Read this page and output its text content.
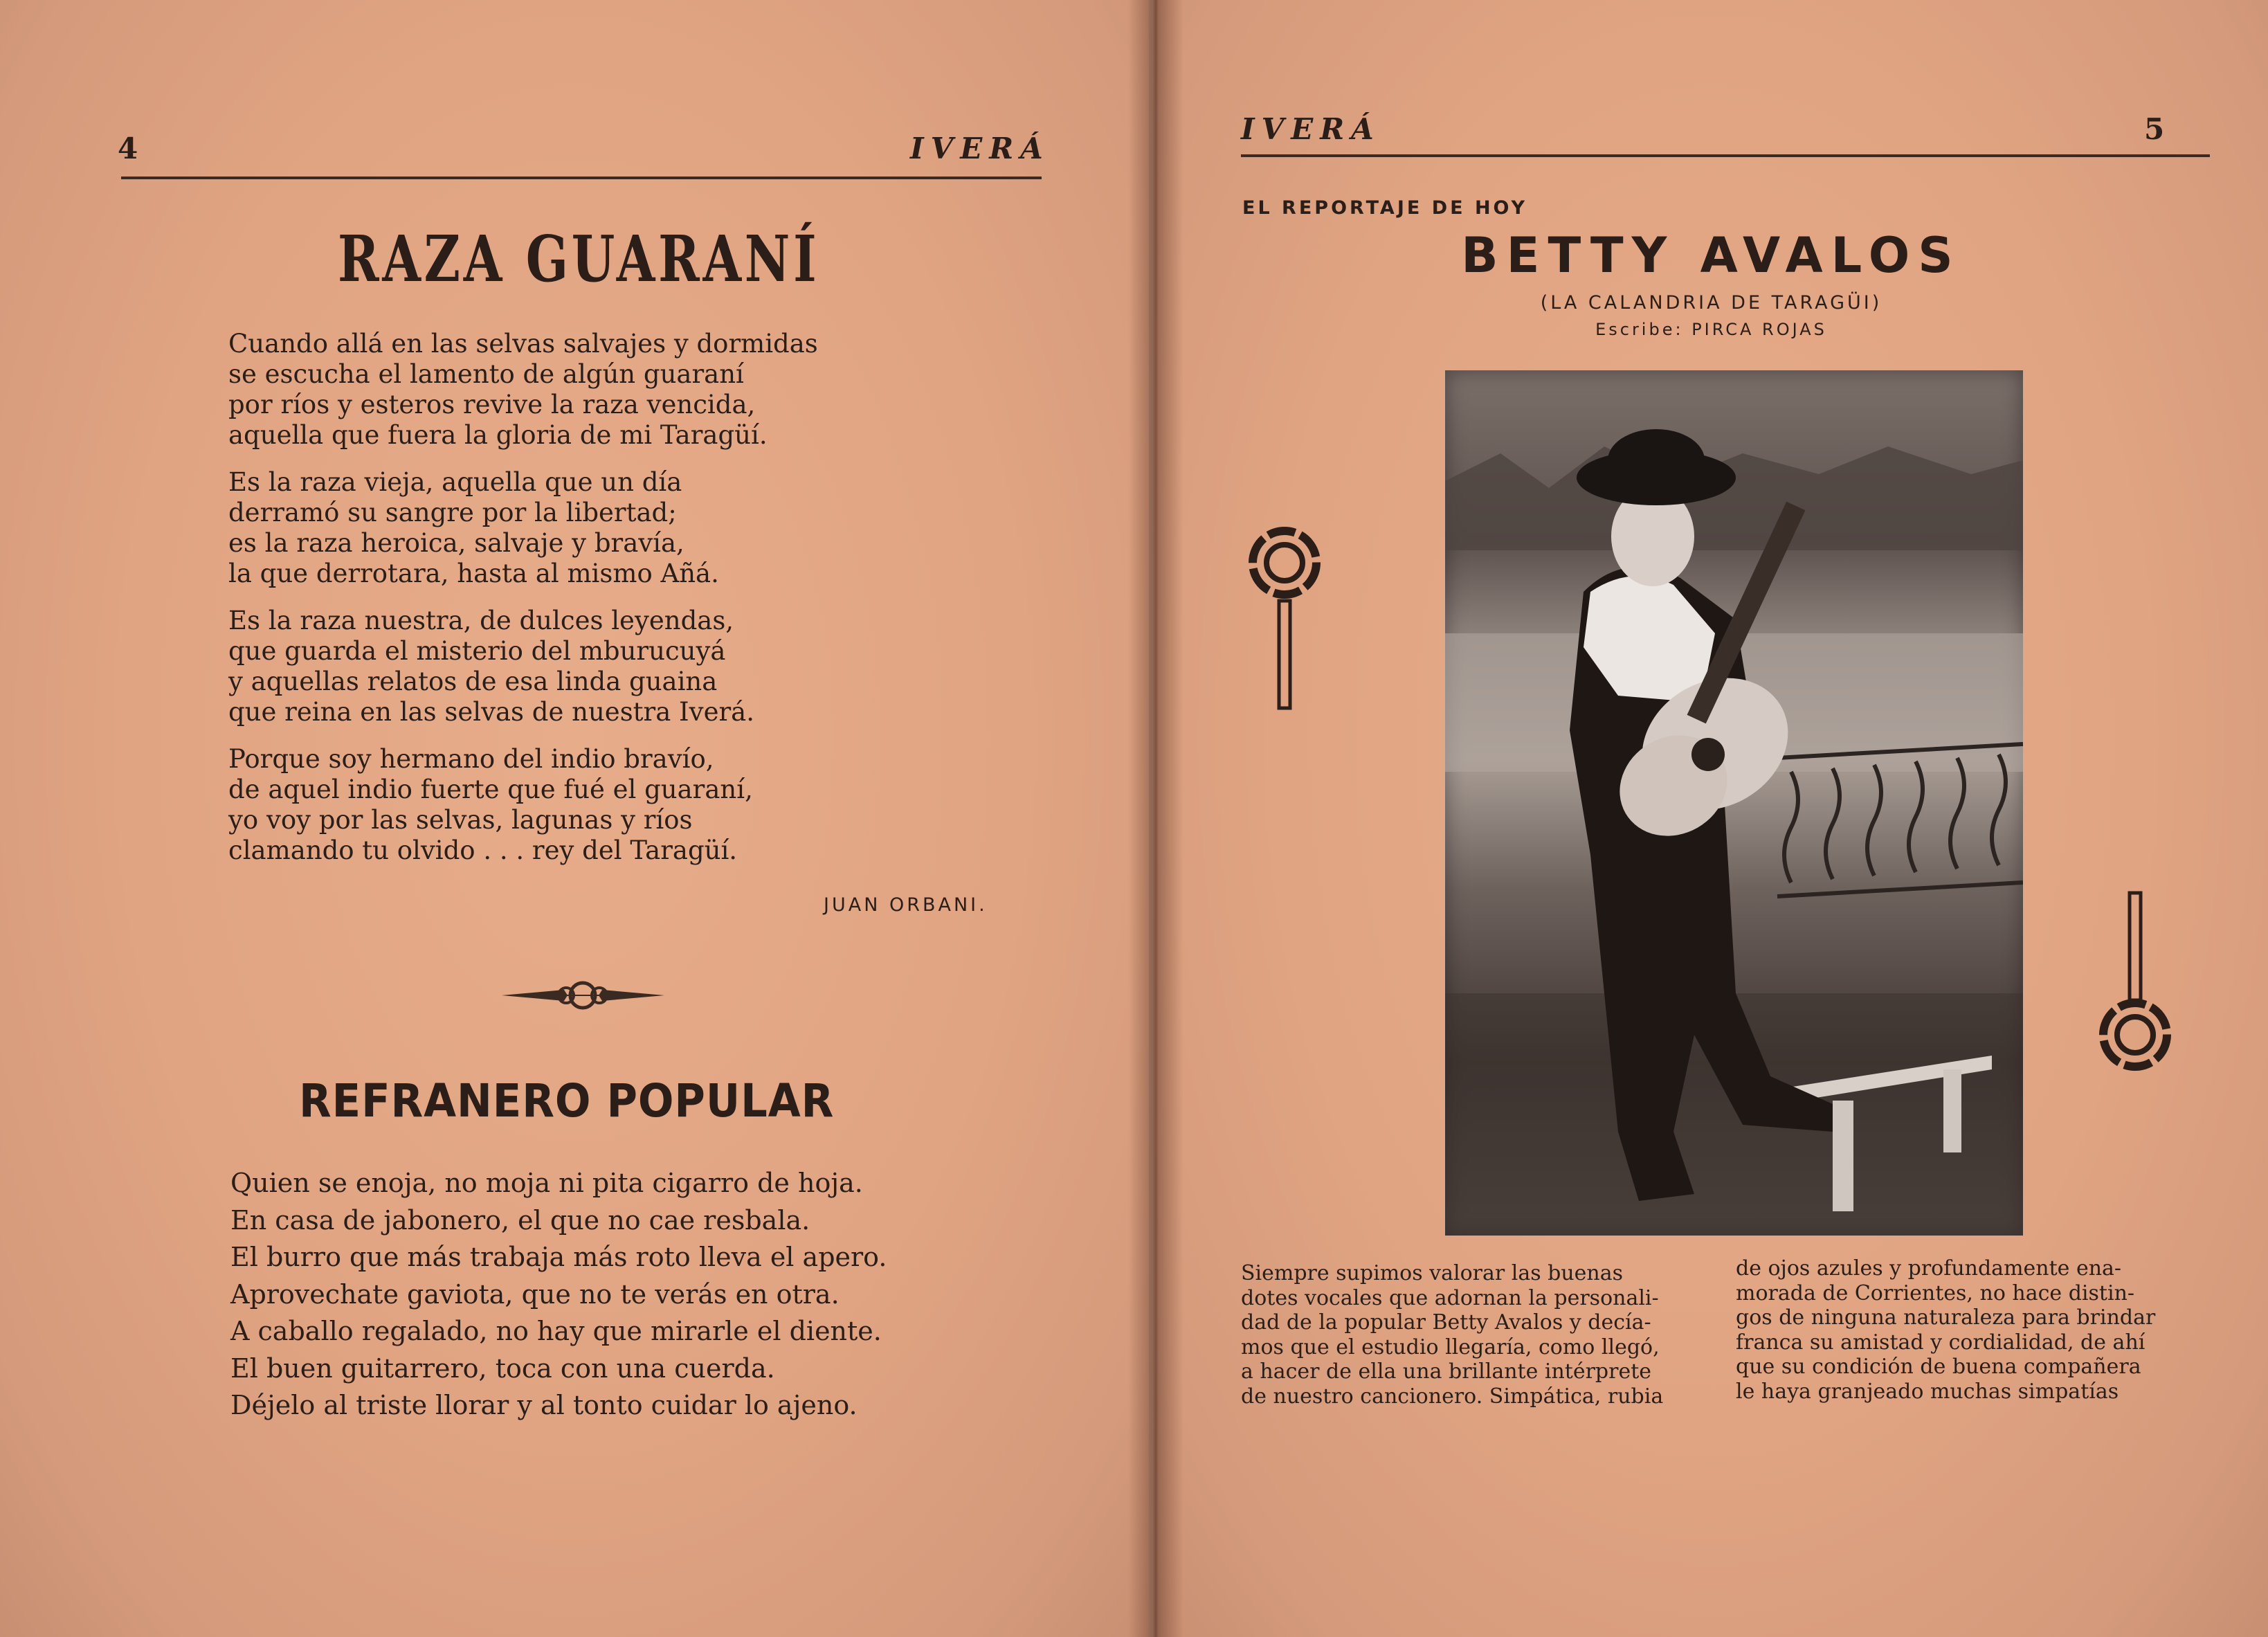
4	IVERÁ
RAZA GUARANÍ
Cuando allá en las selvas salvajes y dormidas
se escucha el lamento de algún guaraní
por ríos y esteros revive la raza vencida,
aquella que fuera la gloria de mi Taragüí.
Es la raza vieja, aquella que un día
derramó su sangre por la libertad;
es la raza heroica, salvaje y bravía,
la que derrotara, hasta al mismo Añá.
Es la raza nuestra, de dulces leyendas,
que guarda el misterio del mburucuyá
y aquellas relatos de esa linda guaina
que reina en las selvas de nuestra Iverá.
Porque soy hermano del indio bravío,
de aquel indio fuerte que fué el guaraní,
yo voy por las selvas, lagunas y ríos
clamando tu olvido . . . rey del Taragüí.
JUAN ORBANI.
REFRANERO POPULAR
Quien se enoja, no moja ni pita cigarro de hoja.
En casa de jabonero, el que no cae resbala.
El burro que más trabaja más roto lleva el apero.
Aprovechate gaviota, que no te verás en otra.
A caballo regalado, no hay que mirarle el diente.
El buen guitarrero, toca con una cuerda.
Déjelo al triste llorar y al tonto cuidar lo ajeno.
IVERÁ	5
EL REPORTAJE DE HOY
BETTY AVALOS
(LA CALANDRIA DE TARAGÜI)
Escribe: PIRCA ROJAS
Siempre supimos valorar las buenas
dotes vocales que adornan la personali-
dad de la popular Betty Avalos y decía-
mos que el estudio llegaría, como llegó,
a hacer de ella una brillante intérprete
de nuestro cancionero. Simpática, rubia
de ojos azules y profundamente ena-
morada de Corrientes, no hace distin-
gos de ninguna naturaleza para brindar
franca su amistad y cordialidad, de ahí
que su condición de buena compañera
le haya granjeado muchas simpatías
